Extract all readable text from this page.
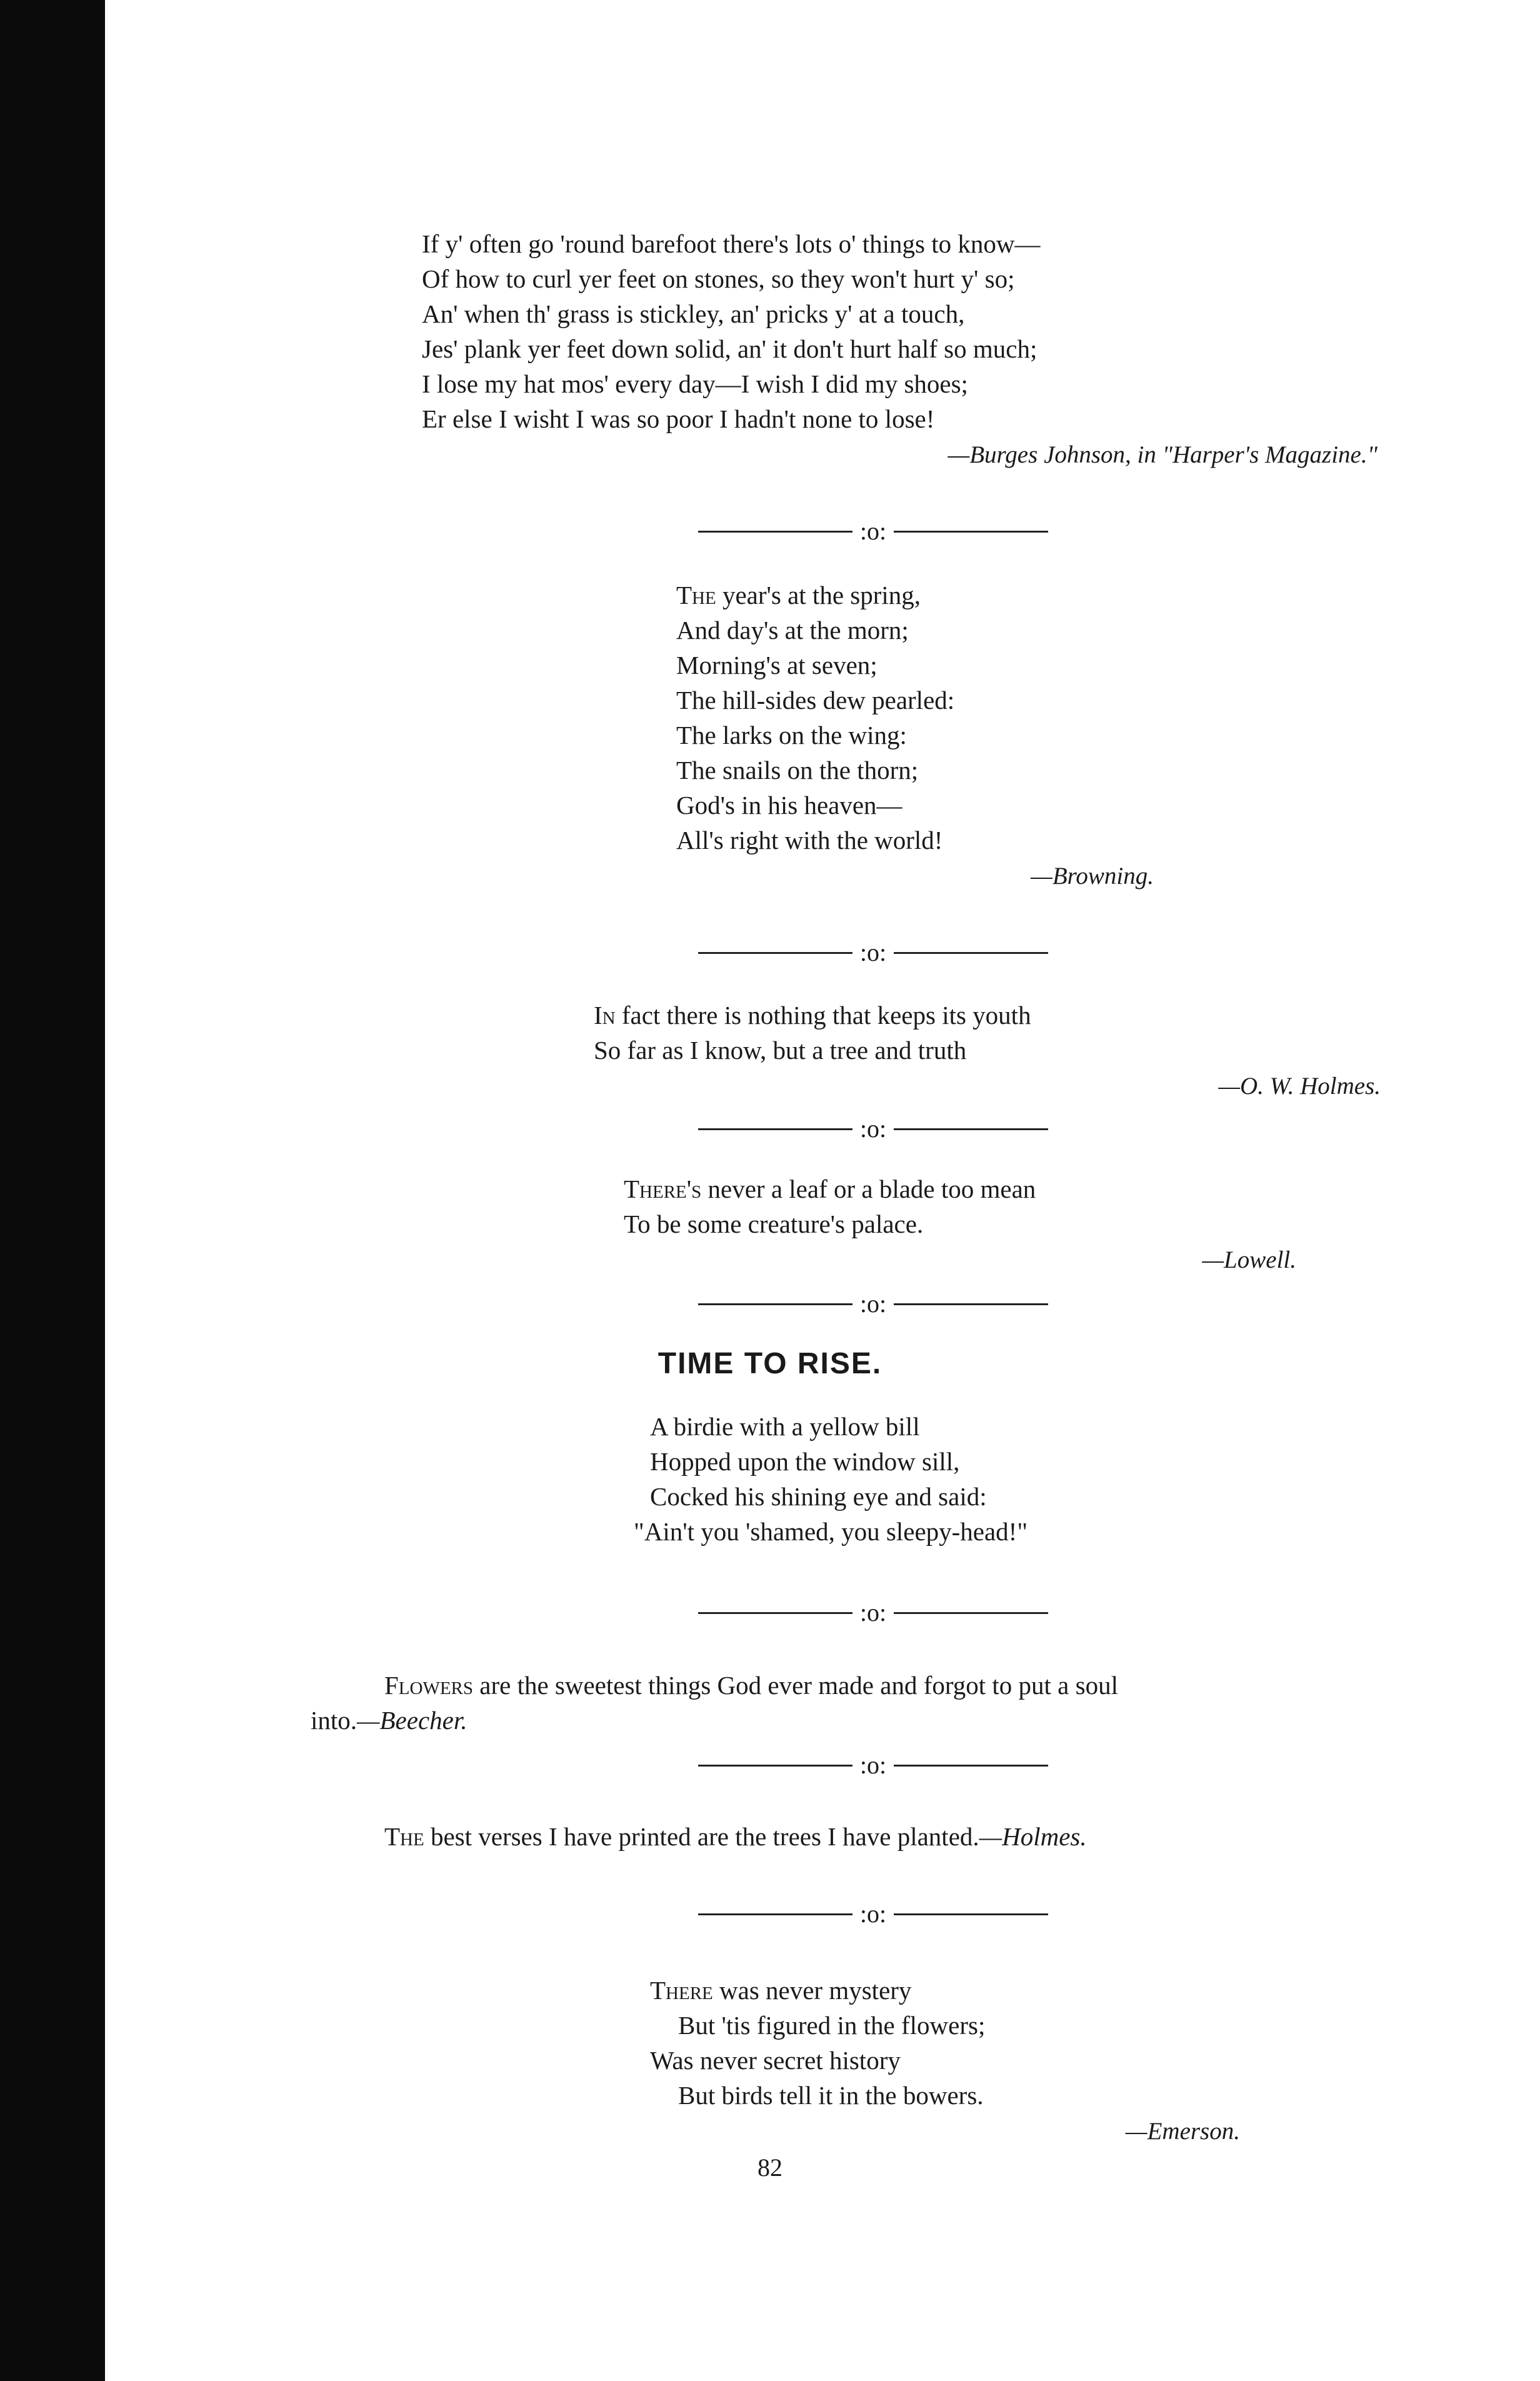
If y' often go 'round barefoot there's lots o' things to know—
Of how to curl yer feet on stones, so they won't hurt y' so;
An' when th' grass is stickley, an' pricks y' at a touch,
Jes' plank yer feet down solid, an' it don't hurt half so much;
I lose my hat mos' every day—I wish I did my shoes;
Er else I wisht I was so poor I hadn't none to lose!
—Burges Johnson, in "Harper's Magazine."
:o:
The year's at the spring,
And day's at the morn;
Morning's at seven;
The hill-sides dew pearled:
The larks on the wing:
The snails on the thorn;
God's in his heaven—
All's right with the world!
—Browning.
:o:
In fact there is nothing that keeps its youth
So far as I know, but a tree and truth
—O. W. Holmes.
:o:
There's never a leaf or a blade too mean
To be some creature's palace.
—Lowell.
:o:
TIME TO RISE.
A birdie with a yellow bill
Hopped upon the window sill,
Cocked his shining eye and said:
"Ain't you 'shamed, you sleepy-head!"
:o:
Flowers are the sweetest things God ever made and forgot to put a soul
into.—Beecher.
:o:
The best verses I have printed are the trees I have planted.—Holmes.
:o:
There was never mystery
But 'tis figured in the flowers;
Was never secret history
But birds tell it in the bowers.
—Emerson.
82
